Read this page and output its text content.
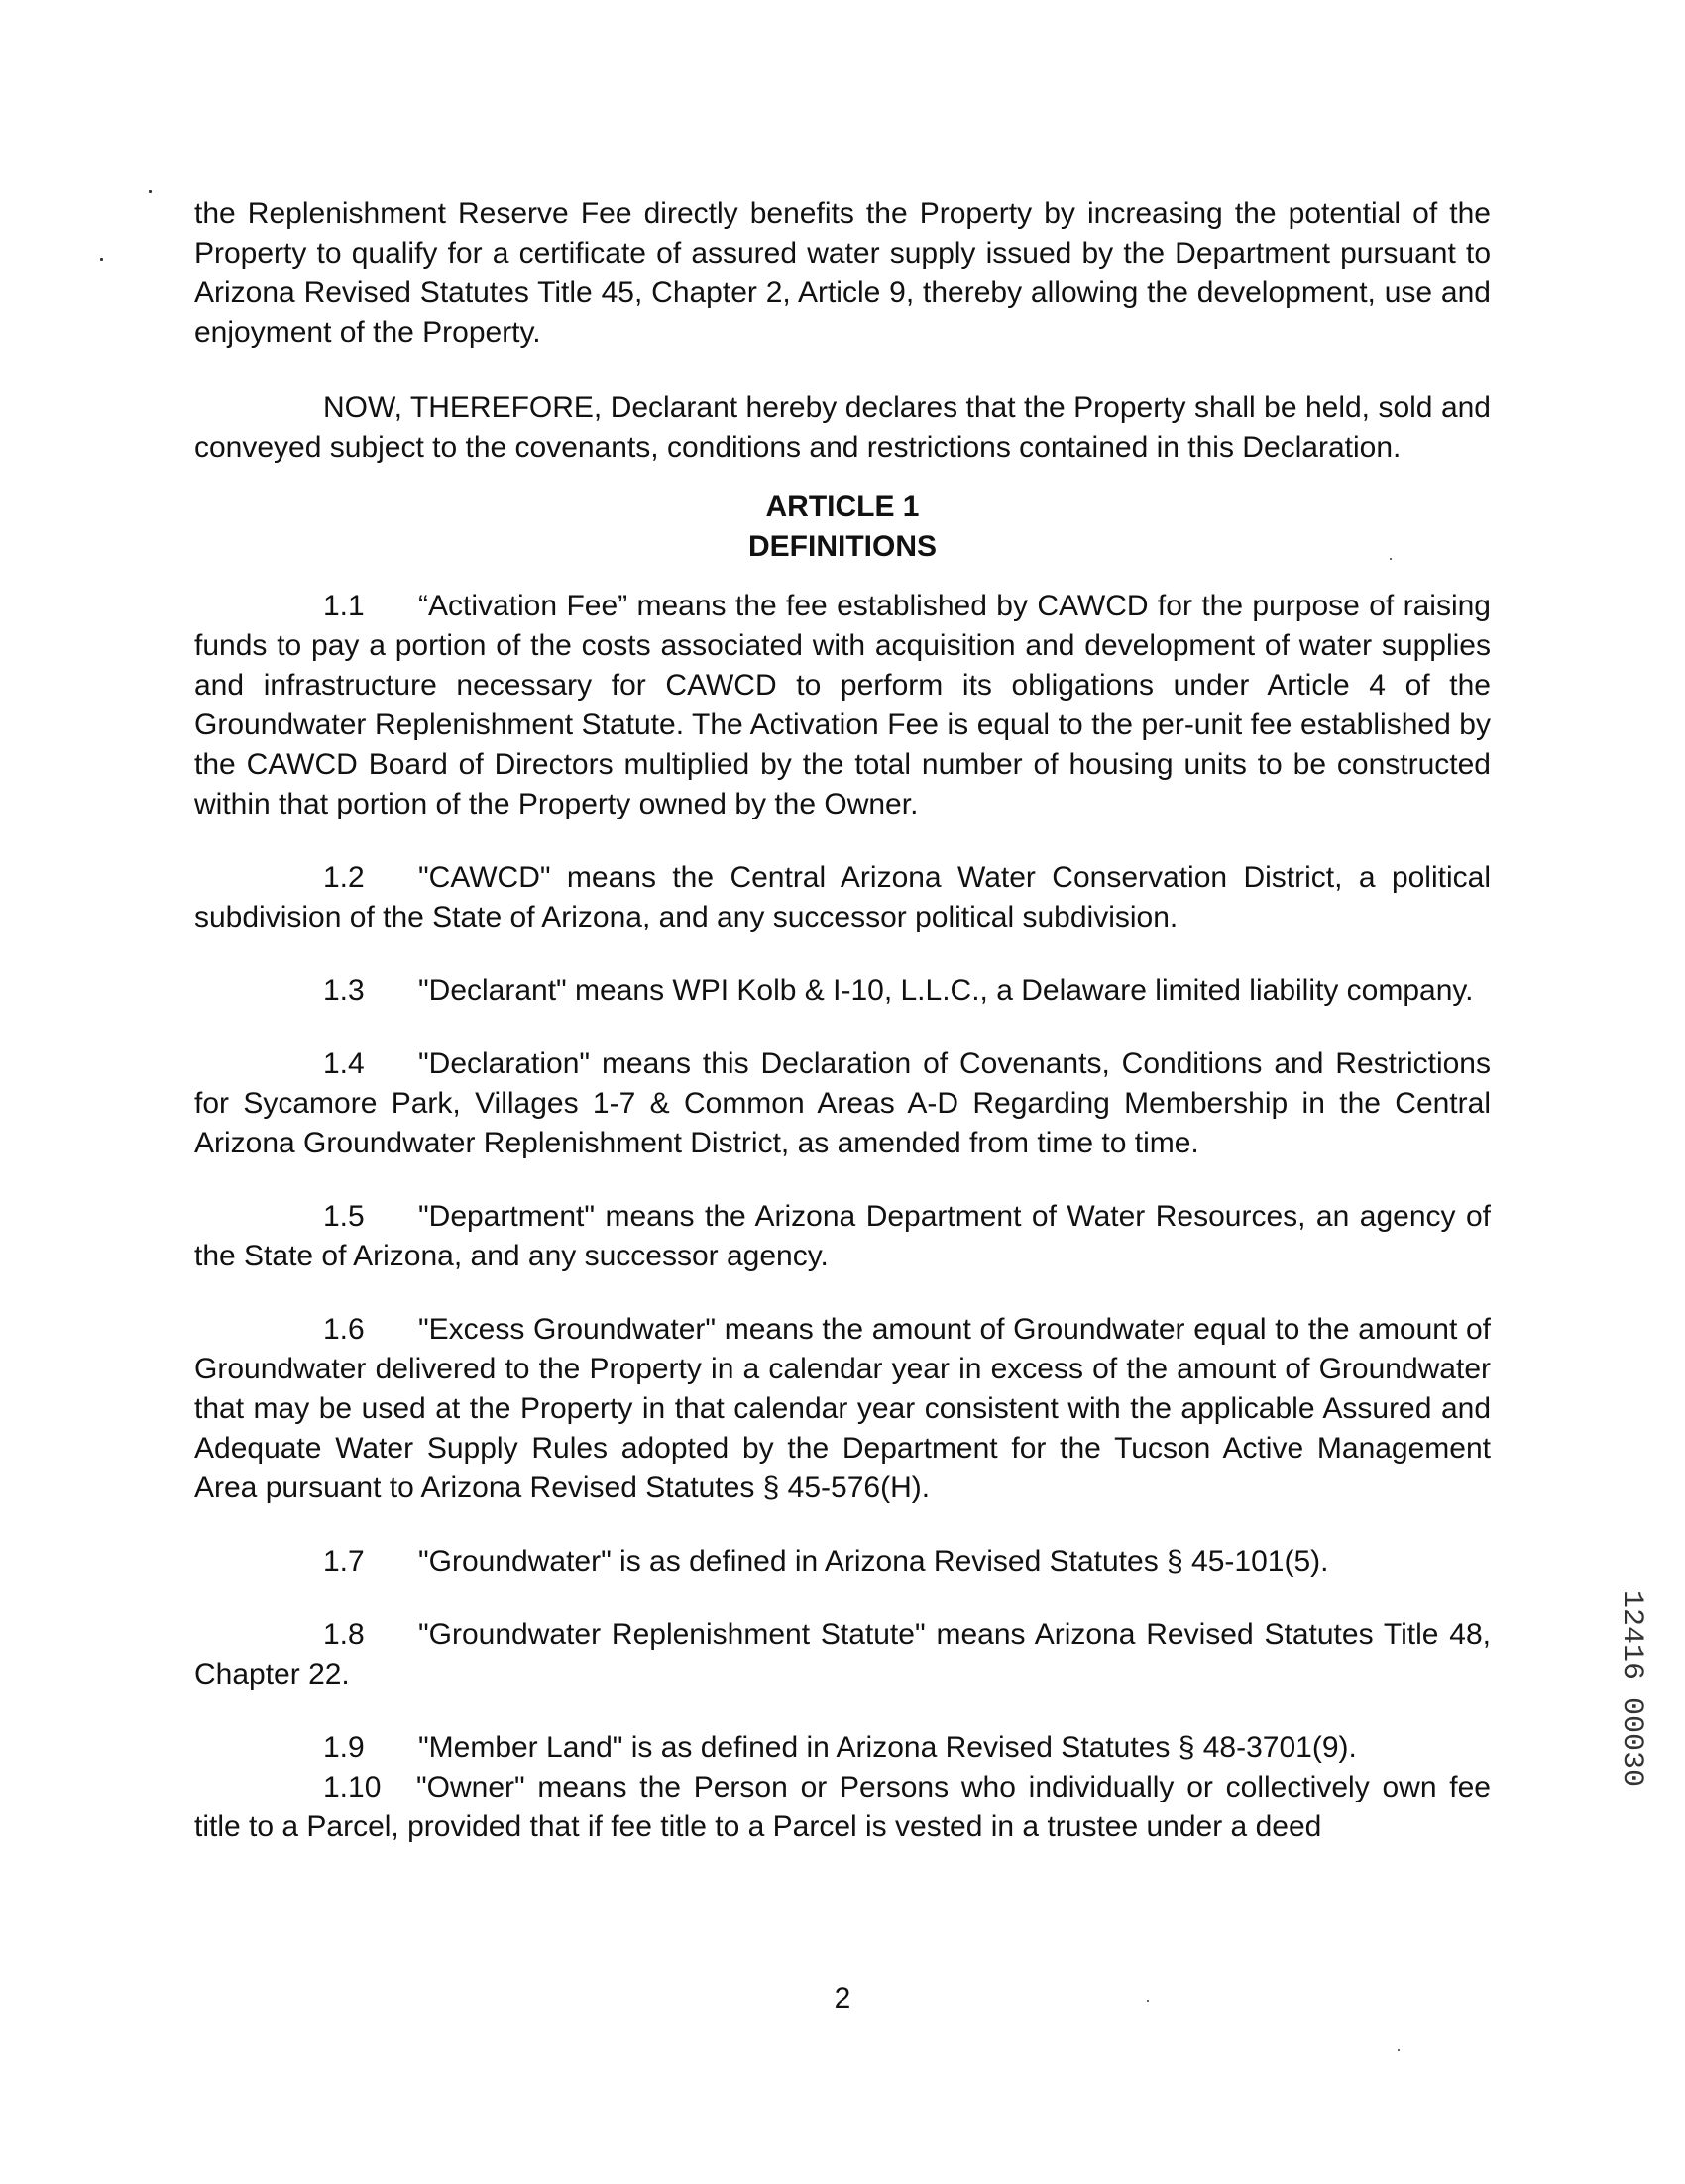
the Replenishment Reserve Fee directly benefits the Property by increasing the potential of the Property to qualify for a certificate of assured water supply issued by the Department pursuant to Arizona Revised Statutes Title 45, Chapter 2, Article 9, thereby allowing the development, use and enjoyment of the Property.

NOW, THEREFORE, Declarant hereby declares that the Property shall be held, sold and conveyed subject to the covenants, conditions and restrictions contained in this Declaration.

ARTICLE 1
DEFINITIONS

1.1 “Activation Fee” means the fee established by CAWCD for the purpose of raising funds to pay a portion of the costs associated with acquisition and development of water supplies and infrastructure necessary for CAWCD to perform its obligations under Article 4 of the Groundwater Replenishment Statute. The Activation Fee is equal to the per-unit fee established by the CAWCD Board of Directors multiplied by the total number of housing units to be constructed within that portion of the Property owned by the Owner.

1.2 "CAWCD" means the Central Arizona Water Conservation District, a political subdivision of the State of Arizona, and any successor political subdivision.

1.3 "Declarant" means WPI Kolb & I-10, L.L.C., a Delaware limited liability company.

1.4 "Declaration" means this Declaration of Covenants, Conditions and Restrictions for Sycamore Park, Villages 1-7 & Common Areas A-D Regarding Membership in the Central Arizona Groundwater Replenishment District, as amended from time to time.

1.5 "Department" means the Arizona Department of Water Resources, an agency of the State of Arizona, and any successor agency.

1.6 "Excess Groundwater" means the amount of Groundwater equal to the amount of Groundwater delivered to the Property in a calendar year in excess of the amount of Groundwater that may be used at the Property in that calendar year consistent with the applicable Assured and Adequate Water Supply Rules adopted by the Department for the Tucson Active Management Area pursuant to Arizona Revised Statutes § 45-576(H).

1.7 "Groundwater" is as defined in Arizona Revised Statutes § 45-101(5).

1.8 "Groundwater Replenishment Statute" means Arizona Revised Statutes Title 48, Chapter 22.

1.9 "Member Land" is as defined in Arizona Revised Statutes § 48-3701(9).

1.10 "Owner" means the Person or Persons who individually or collectively own fee title to a Parcel, provided that if fee title to a Parcel is vested in a trustee under a deed

2
12416 00030
